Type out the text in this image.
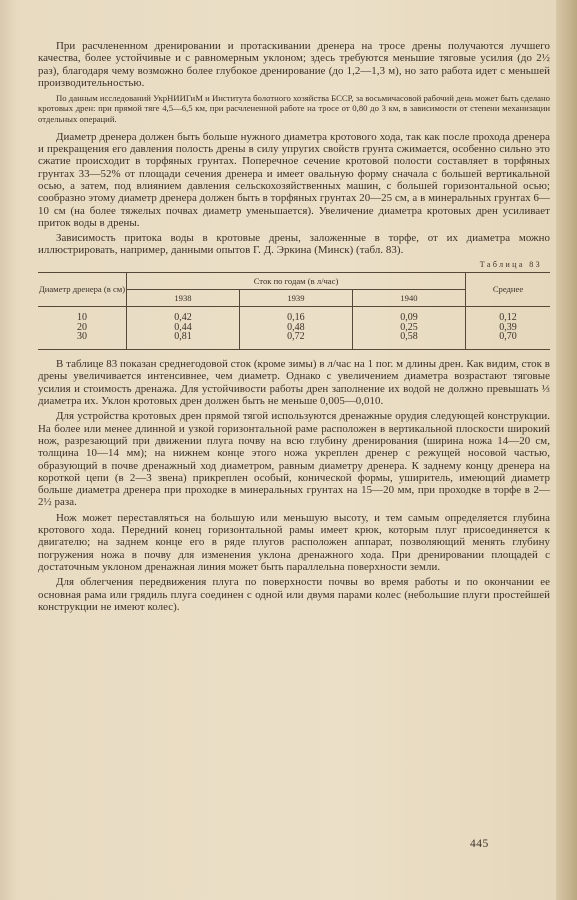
При расчлененном дренировании и протаскивании дренера на тросе дрены получаются лучшего качества, более устойчивые и с равномерным уклоном; здесь требуются меньшие тяговые усилия (до 2½ раз), благодаря чему возможно более глубокое дренирование (до 1,2—1,3 м), но зато работа идет с меньшей производительностью.

По данным исследований УкрНИИГиМ и Института болотного хозяйства БССР, за восьмичасовой рабочий день может быть сделано кротовых дрен: при прямой тяге 4,5—6,5 км, при расчлененной работе на тросе от 0,80 до 3 км, в зависимости от степени механизации отдельных операций.

Диаметр дренера должен быть больше нужного диаметра кротового хода, так как после прохода дренера и прекращения его давления полость дрены в силу упругих свойств грунта сжимается, особенно сильно это сжатие происходит в торфяных грунтах. Поперечное сечение кротовой полости составляет в торфяных грунтах 33—52% от площади сечения дренера и имеет овальную форму сначала с большей вертикальной осью, а затем, под влиянием давления сельскохозяйственных машин, с большей горизонтальной осью; сообразно этому диаметр дренера должен быть в торфяных грунтах 20—25 см, а в минеральных грунтах 6—10 см (на более тяжелых почвах диаметр уменьшается). Увеличение диаметра кротовых дрен усиливает приток воды в дрены.

Зависимость притока воды в кротовые дрены, заложенные в торфе, от их диаметра можно иллюстрировать, например, данными опытов Г. Д. Эркина (Минск) (табл. 83).

Таблица 83
Диаметр дренера (в см)	Сток по годам (в л/час)			Среднее
	1938	1939	1940	
10	0,42	0,16	0,09	0,12
20	0,44	0,48	0,25	0,39
30	0,81	0,72	0,58	0,70

В таблице 83 показан среднегодовой сток (кроме зимы) в л/час на 1 пог. м длины дрен. Как видим, сток в дрены увеличивается интенсивнее, чем диаметр. Однако с увеличением диаметра возрастают тяговые усилия и стоимость дренажа. Для устойчивости работы дрен заполнение их водой не должно превышать ⅓ диаметра их. Уклон кротовых дрен должен быть не меньше 0,005—0,010.

Для устройства кротовых дрен прямой тягой используются дренажные орудия следующей конструкции. На более или менее длинной и узкой горизонтальной раме расположен в вертикальной плоскости широкий нож, разрезающий при движении плуга почву на всю глубину дренирования (ширина ножа 14—20 см, толщина 10—14 мм); на нижнем конце этого ножа укреплен дренер с режущей носовой частью, образующий в почве дренажный ход диаметром, равным диаметру дренера. К заднему концу дренера на короткой цепи (в 2—3 звена) прикреплен особый, конической формы, уширитель, имеющий диаметр больше диаметра дренера при проходке в минеральных грунтах на 15—20 мм, при проходке в торфе в 2—2½ раза.

Нож может переставляться на большую или меньшую высоту, и тем самым определяется глубина кротового хода. Передний конец горизонтальной рамы имеет крюк, которым плуг присоединяется к двигателю; на заднем конце его в ряде плугов расположен аппарат, позволяющий менять глубину погружения ножа в почву для изменения уклона дренажного хода. При дренировании площадей с достаточным уклоном дренажная линия может быть параллельна поверхности земли.

Для облегчения передвижения плуга по поверхности почвы во время работы и по окончании ее основная рама или грядиль плуга соединен с одной или двумя парами колес (небольшие плуги простейшей конструкции не имеют колес).

445
